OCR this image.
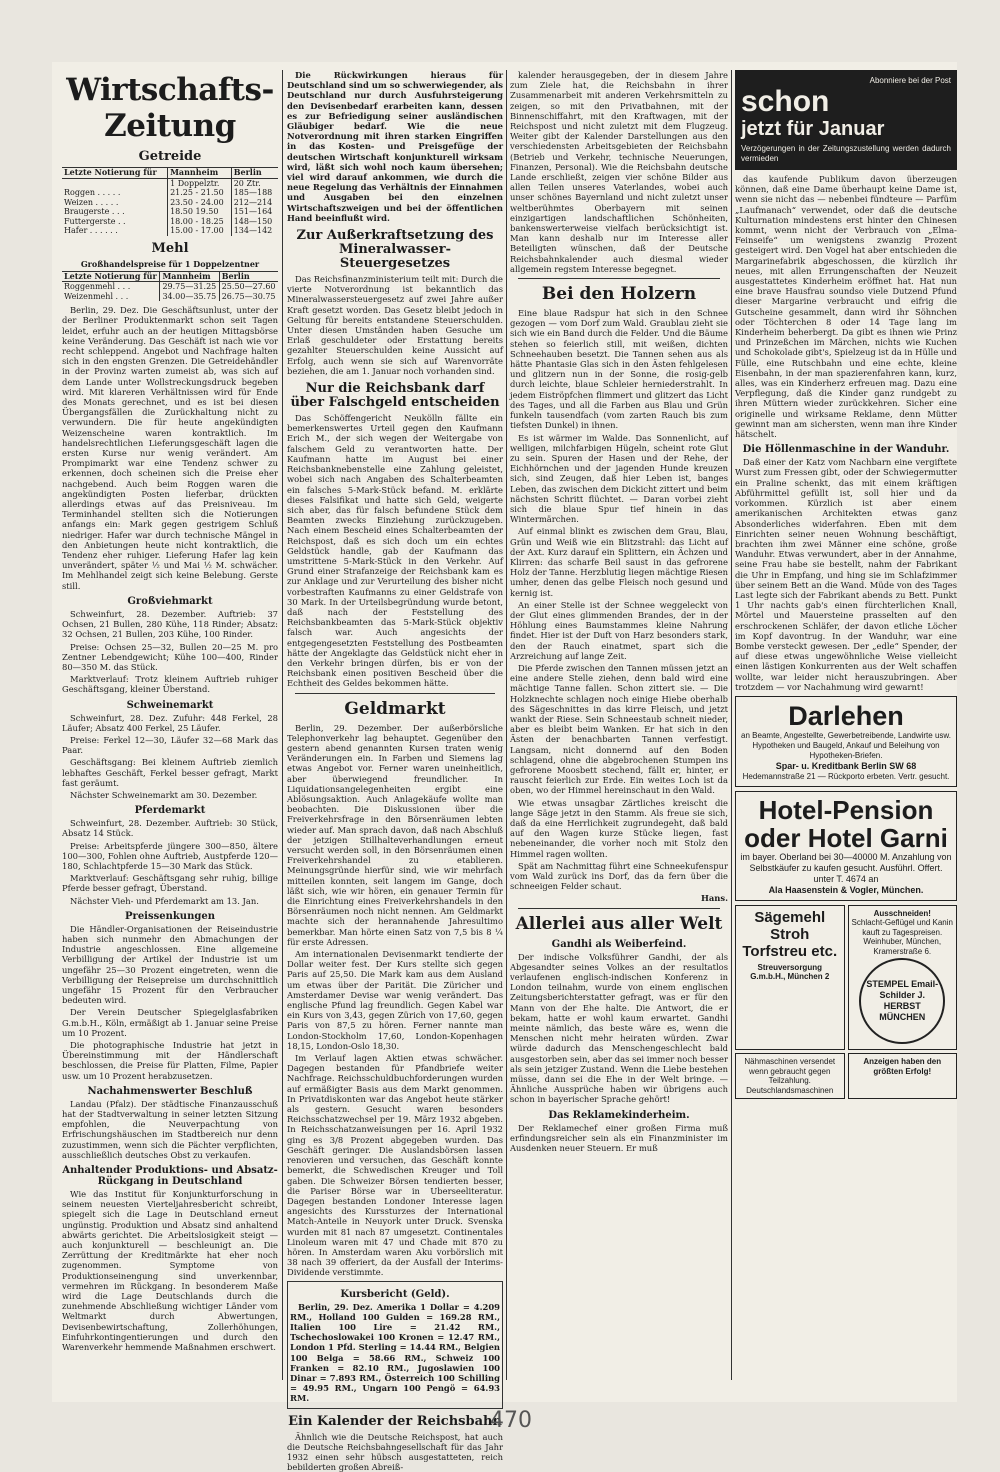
Wirtschafts-Zeitung
Getreide
Letzte Notierung für	Mannheim	Berlin
	1 Doppelztr.	20 Ztr.
Roggen . . . . .	21.25 - 21.50	185—188
Weizen . . . . .	23.50 - 24.00	212—214
Braugerste . . .	18.50 19.50	151—164
Futtergerste . .	18.00 - 18.25	148—150
Hafer . . . . . .	15.00 - 17.00	134—142
Mehl
Großhandelspreise für 1 Doppelzentner
Letzte Notierung für	Mannheim	Berlin
Roggenmehl . . .	29.75—31.25	25.50—27.60
Weizenmehl . . .	34.00—35.75	26.75—30.75

Berlin, 29. Dez. Die Geschäftsunlust, unter der der Berliner Produktenmarkt schon seit Tagen leidet, erfuhr auch an der heutigen Mittagsbörse keine Veränderung. Das Geschäft ist nach wie vor recht schleppend. Angebot und Nachfrage halten sich in den engsten Grenzen. Die Getreidehändler in der Provinz warten zumeist ab, was sich auf dem Lande unter Wollstreckungsdruck begeben wird. Mit klareren Verhältnissen wird für Ende des Monats gerechnet, und es ist bei diesen Übergangsfällen die Zurückhaltung nicht zu verwundern. Die für heute angekündigten Weizenscheine waren kontraktlich. Im handelsrechtlichen Lieferungsgeschäft lagen die ersten Kurse nur wenig verändert. Am Prompimarkt war eine Tendenz schwer zu erkennen, doch scheinen sich die Preise eher nachgebend. Auch beim Roggen waren die angekündigten Posten lieferbar, drückten allerdings etwas auf das Preisniveau. Im Terminhandel stellten sich die Notierungen anfangs ein: Mark gegen gestrigem Schluß niedriger. Hafer war durch technische Mängel in den Anbietungen heute nicht kontraktlich, die Tendenz eher ruhiger. Lieferung Hafer lag kein unverändert, später ½ und Mai ½ M. schwächer. Im Mehlhandel zeigt sich keine Belebung. Gerste still.

Großviehmarkt

Schweinfurt, 28. Dezember. Auftrieb: 37 Ochsen, 21 Bullen, 280 Kühe, 118 Rinder; Absatz: 32 Ochsen, 21 Bullen, 203 Kühe, 100 Rinder.

Preise: Ochsen 25—32, Bullen 20—25 M. pro Zentner Lebendgewicht; Kühe 100—400, Rinder 80—350 M. das Stück.

Marktverlauf: Trotz kleinem Auftrieb ruhiger Geschäftsgang, kleiner Überstand.

Schweinemarkt

Schweinfurt, 28. Dez. Zufuhr: 448 Ferkel, 28 Läufer; Absatz 400 Ferkel, 25 Läufer.

Preise: Ferkel 12—30, Läufer 32—68 Mark das Paar.

Geschäftsgang: Bei kleinem Auftrieb ziemlich lebhaftes Geschäft, Ferkel besser gefragt, Markt fast geräumt.

Nächster Schweinemarkt am 30. Dezember.

Pferdemarkt

Schweinfurt, 28. Dezember. Auftrieb: 30 Stück, Absatz 14 Stück.

Preise: Arbeitspferde jüngere 300—850, ältere 100—300, Fohlen ohne Auftrieb, Austpferde 120—180, Schlachtpferde 15—30 Mark das Stück.

Marktverlauf: Geschäftsgang sehr ruhig, billige Pferde besser gefragt, Überstand.

Nächster Vieh- und Pferdemarkt am 13. Jan.

Preissenkungen

Die Händler-Organisationen der Reiseindustrie haben sich nunmehr den Abmachungen der Industrie angeschlossen. Eine allgemeine Verbilligung der Artikel der Industrie ist um ungefähr 25—30 Prozent eingetreten, wenn die Verbilligung der Reisepreise um durchschnittlich ungefähr 15 Prozent für den Verbraucher bedeuten wird.

Der Verein Deutscher Spiegelglasfabriken G.m.b.H., Köln, ermäßigt ab 1. Januar seine Preise um 10 Prozent.

Die photographische Industrie hat jetzt in Übereinstimmung mit der Händlerschaft beschlossen, die Preise für Platten, Filme, Papier usw. um 10 Prozent herabzusetzen.

Nachahmenswerter Beschluß

Landau (Pfalz). Der städtische Finanzausschuß hat der Stadtverwaltung in seiner letzten Sitzung empfohlen, die Neuverpachtung von Erfrischungshäuschen im Stadtbereich nur denn zuzustimmen, wenn sich die Pächter verpflichten, ausschließlich deutsches Obst zu verkaufen.

Anhaltender Produktions- und Absatz-Rückgang in Deutschland

Wie das Institut für Konjunkturforschung in seinem neuesten Vierteljahresbericht schreibt, spiegelt sich die Lage in Deutschland erneut ungünstig. Produktion und Absatz sind anhaltend abwärts gerichtet. Die Arbeitslosigkeit steigt — auch konjunkturell — beschleunigt an. Die Zerrüttung der Kreditmärkte hat eher noch zugenommen. Symptome von Produktionseinengung sind unverkennbar, vermehren im Rückgang. In besonderem Maße wird die Lage Deutschlands durch die zunehmende Abschließung wichtiger Länder vom Weltmarkt durch Abwertungen, Devisenbewirtschaftung, Zollerhöhungen, Einfuhrkontingentierungen und durch den Warenverkehr hemmende Maßnahmen erschwert.

Die Rückwirkungen hieraus für Deutschland sind um so schwerwiegender, als Deutschland nur durch Ausfuhrsteigerung den Devisenbedarf erarbeiten kann, dessen es zur Befriedigung seiner ausländischen Gläubiger bedarf. Wie die neue Notverordnung mit ihren starken Eingriffen in das Kosten- und Preisgefüge der deutschen Wirtschaft konjunkturell wirksam wird, läßt sich wohl noch kaum übersehen; viel wird darauf ankommen, wie durch die neue Regelung das Verhältnis der Einnahmen und Ausgaben bei den einzelnen Wirtschaftszweigen und bei der öffentlichen Hand beeinflußt wird.

Zur Außerkraftsetzung des Mineralwasser-Steuergesetzes

Das Reichsfinanzministerium teilt mit: Durch die vierte Notverordnung ist bekanntlich das Mineralwassersteuergesetz auf zwei Jahre außer Kraft gesetzt worden. Das Gesetz bleibt jedoch in Geltung für bereits entstandene Steuerschulden. Unter diesen Umständen haben Gesuche um Erlaß geschuldeter oder Erstattung bereits gezahlter Steuerschulden keine Aussicht auf Erfolg, auch wenn sie sich auf Warenvorräte beziehen, die am 1. Januar noch vorhanden sind.

Nur die Reichsbank darf über Falschgeld entscheiden

Das Schöffengericht Neukölln fällte ein bemerkenswertes Urteil gegen den Kaufmann Erich M., der sich wegen der Weitergabe von falschem Geld zu verantworten hatte. Der Kaufmann hatte im August bei einer Reichsbanknebenstelle eine Zahlung geleistet, wobei sich nach Angaben des Schalterbeamten ein falsches 5-Mark-Stück befand. M. erklärte dieses Falsifikat und hatte sich Geld, weigerte sich aber, das für falsch befundene Stück dem Beamten zwecks Einziehung zurückzugeben. Nach einem Bescheid eines Schalterbeamten der Reichspost, daß es sich doch um ein echtes Geldstück handle, gab der Kaufmann das umstrittene 5-Mark-Stück in den Verkehr. Auf Grund einer Strafanzeige der Reichsbank kam es zur Anklage und zur Verurteilung des bisher nicht vorbestraften Kaufmanns zu einer Geldstrafe von 30 Mark. In der Urteilsbegründung wurde betont, daß nach der Feststellung des Reichsbankbeamten das 5-Mark-Stück objektiv falsch war. Auch angesichts der entgegengesetzten Feststellung des Postbeamten hätte der Angeklagte das Geldstück nicht eher in den Verkehr bringen dürfen, bis er von der Reichsbank einen positiven Bescheid über die Echtheit des Geldes bekommen hätte.

Geldmarkt

Berlin, 29. Dezember. Der außerbörsliche Telephonverkehr lag behauptet. Gegenüber den gestern abend genannten Kursen traten wenig Veränderungen ein. In Farben und Siemens lag etwas Angebot vor. Ferner waren uneinheitlich, aber überwiegend freundlicher. In Liquidationsangelegenheiten ergibt eine Ablösungsaktion. Auch Anlagekäufe wollte man beobachten. Die Diskussionen über die Freiverkehrsfrage in den Börsenräumen lebten wieder auf. Man sprach davon, daß nach Abschluß der jetzigen Stillhalteverhandlungen erneut versucht werden soll, in den Börsenräumen einen Freiverkehrshandel zu etablieren. Meinungsgründe hierfür sind, wie wir mehrfach mitteilen konnten, seit langem im Gange, doch läßt sich, wie wir hören, ein genauer Termin für die Einrichtung eines Freiverkehrshandels in den Börsenräumen noch nicht nennen. Am Geldmarkt machte sich der herannahende Jahresultimo bemerkbar. Man hörte einen Satz von 7,5 bis 8 ¼ für erste Adressen.

Am internationalen Devisenmarkt tendierte der Dollar weiter fest. Der Kurs stellte sich gegen Paris auf 25,50. Die Mark kam aus dem Ausland um etwas über der Parität. Die Züricher und Amsterdamer Devise war wenig verändert. Das englische Pfund lag freundlich. Gegen Kabel war ein Kurs von 3,43, gegen Zürich von 17,60, gegen Paris von 87,5 zu hören. Ferner nannte man London-Stockholm 17,60, London-Kopenhagen 18,15, London-Oslo 18,30.

Im Verlauf lagen Aktien etwas schwächer. Dagegen bestanden für Pfandbriefe weiter Nachfrage. Reichsschuldbuchforderungen wurden auf ermäßigter Basis aus dem Markt genommen. In Privatdiskonten war das Angebot heute stärker als gestern. Gesucht waren besonders Reichsschatzwechsel per 19. März 1932 abgeben. In Reichsschatzanweisungen per 16. April 1932 ging es 3/8 Prozent abgegeben wurden. Das Geschäft geringer. Die Auslandsbörsen lassen renovieren und versuchen, das Geschäft konnte bemerkt, die Schwedischen Kreuger und Toll gaben. Die Schweizer Börsen tendierten besser, die Pariser Börse war in Uberseeliteratur. Dagegen bestanden Londoner Interesse lagen angesichts des Kurssturzes der International Match-Anteile in Neuyork unter Druck. Svenska wurden mit 81 nach 87 umgesetzt. Continentales Linoleum waren mit 47 und Chade mit 870 zu hören. In Amsterdam waren Aku vorbörslich mit 38 nach 39 offeriert, da der Ausfall der Interims-Dividende verstimmte.

Kursbericht (Geld).

Berlin, 29. Dez. Amerika 1 Dollar = 4.209 RM., Holland 100 Gulden = 169.28 RM., Italien 100 Lire = 21.42 RM., Tschechoslowakei 100 Kronen = 12.47 RM., London 1 Pfd. Sterling = 14.44 RM., Belgien 100 Belga = 58.66 RM., Schweiz 100 Franken = 82.10 RM., Jugoslawien 100 Dinar = 7.893 RM., Österreich 100 Schilling = 49.95 RM., Ungarn 100 Pengö = 64.93 RM.

Ein Kalender der Reichsbahn

Ähnlich wie die Deutsche Reichspost, hat auch die Deutsche Reichsbahngesellschaft für das Jahr 1932 einen sehr hübsch ausgestatteten, reich bebilderten großen Abreiß-

kalender herausgegeben, der in diesem Jahre zum Ziele hat, die Reichsbahn in ihrer Zusammenarbeit mit anderen Verkehrsmitteln zu zeigen, so mit den Privatbahnen, mit der Binnenschiffahrt, mit den Kraftwagen, mit der Reichspost und nicht zuletzt mit dem Flugzeug. Weiter gibt der Kalender Darstellungen aus den verschiedensten Arbeitsgebieten der Reichsbahn (Betrieb und Verkehr, technische Neuerungen, Finanzen, Personal). Wie die Reichsbahn deutsche Lande erschließt, zeigen vier schöne Bilder aus allen Teilen unseres Vaterlandes, wobei auch unser schönes Bayernland und nicht zuletzt unser weltberühmtes Oberbayern mit seinen einzigartigen landschaftlichen Schönheiten, bankenswerterweise vielfach berücksichtigt ist. Man kann deshalb nur im Interesse aller Beteiligten wünschen, daß der Deutsche Reichsbahnkalender auch diesmal wieder allgemein regstem Interesse begegnet.

Bei den Holzern

Eine blaue Radspur hat sich in den Schnee gezogen — vom Dorf zum Wald. Graublau zieht sie sich wie ein Band durch die Felder. Und die Bäume stehen so feierlich still, mit weißen, dichten Schneehauben besetzt. Die Tannen sehen aus als hätte Phantasie Glas sich in den Ästen fehlgelesen und glitzern nun in der Sonne, die rosig-gelb durch leichte, blaue Schleier herniederstrahlt. In jedem Eiströpfchen flimmert und glitzert das Licht des Tages, und all die Farben aus Blau und Grün funkeln tausendfach (vom zarten Rauch bis zum tiefsten Dunkel) in ihnen.

Es ist wärmer im Walde. Das Sonnenlicht, auf welligen, milchfarbigen Hügeln, scheint rote Glut zu sein. Spuren der Hasen und der Rehe, der Eichhörnchen und der jagenden Hunde kreuzen sich, sind Zeugen, daß hier Leben ist, banges Leben, das zwischen dem Dickicht zittert und beim nächsten Schritt flüchtet. — Daran vorbei zieht sich die blaue Spur tief hinein in das Wintermärchen.

Auf einmal blinkt es zwischen dem Grau, Blau, Grün und Weiß wie ein Blitzstrahl: das Licht auf der Axt. Kurz darauf ein Splittern, ein Ächzen und Klirren: das scharfe Beil saust in das gefrorene Holz der Tanne. Herzblutig liegen mächtige Riesen umher, denen das gelbe Fleisch noch gesund und kernig ist.

An einer Stelle ist der Schnee weggeleckt von der Glut eines glimmenden Brandes, der in der Höhlung eines Baumstammes kleine Nahrung findet. Hier ist der Duft von Harz besonders stark, den der Rauch einatmet, spart sich die Arzreichung auf lange Zeit.

Die Pferde zwischen den Tannen müssen jetzt an eine andere Stelle ziehen, denn bald wird eine mächtige Tanne fallen. Schon zittert sie. — Die Holzknechte schlagen noch einige Hiebe oberhalb des Sägeschnittes in das kirre Fleisch, und jetzt wankt der Riese. Sein Schneestaub schneit nieder, aber es bleibt beim Wanken. Er hat sich in den Ästen der benachbarten Tannen verfestigt. Langsam, nicht donnernd auf den Boden schlagend, ohne die abgebrochenen Stumpen ins gefrorene Moosbett stechend, fällt er, hinter, er rauscht feierlich zur Erde. Ein weites Loch ist da oben, wo der Himmel hereinschaut in den Wald.

Wie etwas unsagbar Zärtliches kreischt die lange Säge jetzt in den Stamm. Als freue sie sich, daß da eine Herrlichkeit zugrundegeht, daß bald auf den Wagen kurze Stücke liegen, fast nebeneinander, die vorher noch mit Stolz den Himmel ragen wollten.

Spät am Nachmittag führt eine Schneekufenspur vom Wald zurück ins Dorf, das da fern über die schneeigen Felder schaut.

Hans.
Allerlei aus aller Welt
Gandhi als Weiberfeind.

Der indische Volksführer Gandhi, der als Abgesandter seines Volkes an der resultatlos verlaufenen englisch-indischen Konferenz in London teilnahm, wurde von einem englischen Zeitungsberichterstatter gefragt, was er für den Mann von der Ehe halte. Die Antwort, die er bekam, hatte er wohl kaum erwartet. Gandhi meinte nämlich, das beste wäre es, wenn die Menschen nicht mehr heiraten würden. Zwar würde dadurch das Menschengeschlecht bald ausgestorben sein, aber das sei immer noch besser als sein jetziger Zustand. Wenn die Liebe bestehen müsse, dann sei die Ehe in der Welt bringe. — Ähnliche Aussprüche haben wir übrigens auch schon in bayerischer Sprache gehört!

Das Reklamekinderheim.

Der Reklamechef einer großen Firma muß erfindungsreicher sein als ein Finanzminister im Ausdenken neuer Steuern. Er muß

Abonniere bei der Post
schon
jetzt für Januar
Verzögerungen in der Zeitungszustellung werden dadurch vermieden

das kaufende Publikum davon überzeugen können, daß eine Dame überhaupt keine Dame ist, wenn sie nicht das — nebenbei fündteure — Parfüm „Laufmanach“ verwendet, oder daß die deutsche Kulturnation mindestens erst hinter den Chinesen kommt, wenn nicht der Verbrauch von „Elma-Feinseife“ um wenigstens zwanzig Prozent gesteigert wird. Den Vogel hat aber entschieden die Margarinefabrik abgeschossen, die kürzlich ihr neues, mit allen Errungenschaften der Neuzeit ausgestattetes Kinderheim eröffnet hat. Hat nun eine brave Hausfrau soundso viele Dutzend Pfund dieser Margarine verbraucht und eifrig die Gutscheine gesammelt, dann wird ihr Söhnchen oder Töchterchen 8 oder 14 Tage lang im Kinderheim beherbergt. Da gibt es ihnen wie Prinz und Prinzeßchen im Märchen, nichts wie Kuchen und Schokolade gibt's, Spielzeug ist da in Hülle und Fülle, eine Rutschbahn und eine echte, kleine Eisenbahn, in der man spazierenfahren kann, kurz, alles, was ein Kinderherz erfreuen mag. Dazu eine Verpflegung, daß die Kinder ganz rundgebt zu ihren Müttern wieder zurückkehren. Sicher eine originelle und wirksame Reklame, denn Mütter gewinnt man am sichersten, wenn man ihre Kinder hätschelt.

Die Höllenmaschine in der Wanduhr.

Daß einer der Katz vom Nachbarn eine vergiftete Wurst zum Fressen gibt, oder der Schwiegermutter ein Praline schenkt, das mit einem kräftigen Abführmittel gefüllt ist, soll hier und da vorkommen. Kürzlich ist aber einem amerikanischen Architekten etwas ganz Absonderliches widerfahren. Eben mit dem Einrichten seiner neuen Wohnung beschäftigt, brachten ihm zwei Männer eine schöne, große Wanduhr. Etwas verwundert, aber in der Annahme, seine Frau habe sie bestellt, nahm der Fabrikant die Uhr in Empfang, und hing sie im Schlafzimmer über seinem Bett an die Wand. Müde von des Tages Last legte sich der Fabrikant abends zu Bett. Punkt 1 Uhr nachts gab's einen fürchterlichen Knall, Mörtel und Mauersteine prasselten auf den erschrockenen Schläfer, der davon etliche Löcher im Kopf davontrug. In der Wanduhr, war eine Bombe versteckt gewesen. Der „edle“ Spender, der auf diese etwas ungewöhnliche Weise vielleicht einen lästigen Konkurrenten aus der Welt schaffen wollte, war leider nicht herauszubringen. Aber trotzdem — vor Nachahmung wird gewarnt!

Darlehen
an Beamte, Angestellte, Gewerbetreibende, Landwirte usw. Hypotheken und Baugeld, Ankauf und Beleihung von Hypotheken-Briefen.
Spar- u. Kreditbank Berlin SW 68
Hedemannstraße 21 — Rückporto erbeten. Vertr. gesucht.
Hotel-Pension
oder Hotel Garni
im bayer. Oberland bei 30—40000 M. Anzahlung von Selbstkäufer zu kaufen gesucht. Ausführl. Offert. unter T. 4674 an
Ala Haasenstein & Vogler, München.
Sägemehl Stroh Torfstreu etc.
Streuversorgung G.m.b.H., München 2
Ausschneiden!
Schlacht-Geflügel und Kanin kauft zu Tagespreisen. Weinhuber, München, Kramerstraße 6.
STEMPEL Email-Schilder J. HERBST MÜNCHEN
Nähmaschinen versendet wenn gebraucht gegen Teilzahlung. Deutschlandsmaschinen
Anzeigen haben den größten Erfolg!
470
